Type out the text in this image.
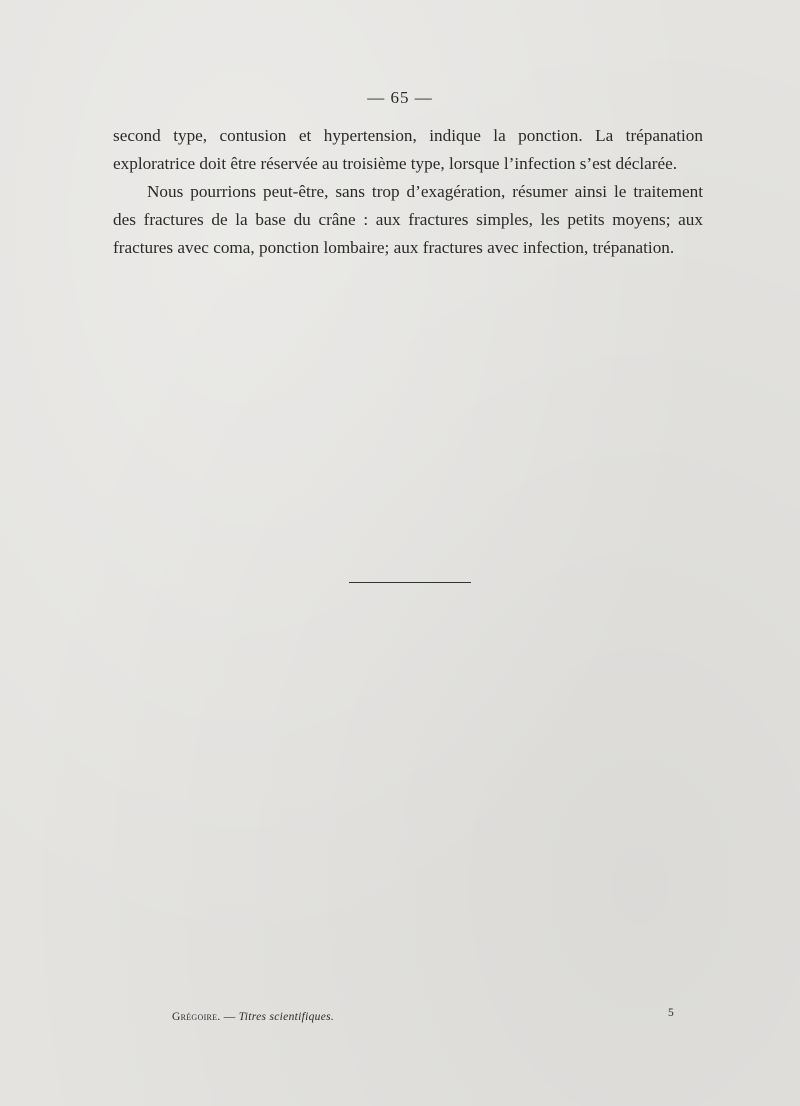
— 65 —

second type, contusion et hypertension, indique la ponction. La trépanation exploratrice doit être réservée au troisième type, lorsque l’infection s’est déclarée.

Nous pourrions peut-être, sans trop d’exagération, résumer ainsi le traitement des fractures de la base du crâne : aux fractures simples, les petits moyens; aux fractures avec coma, ponction lombaire; aux fractures avec infection, trépanation.

Grégoire. — Titres scientifiques.	5
